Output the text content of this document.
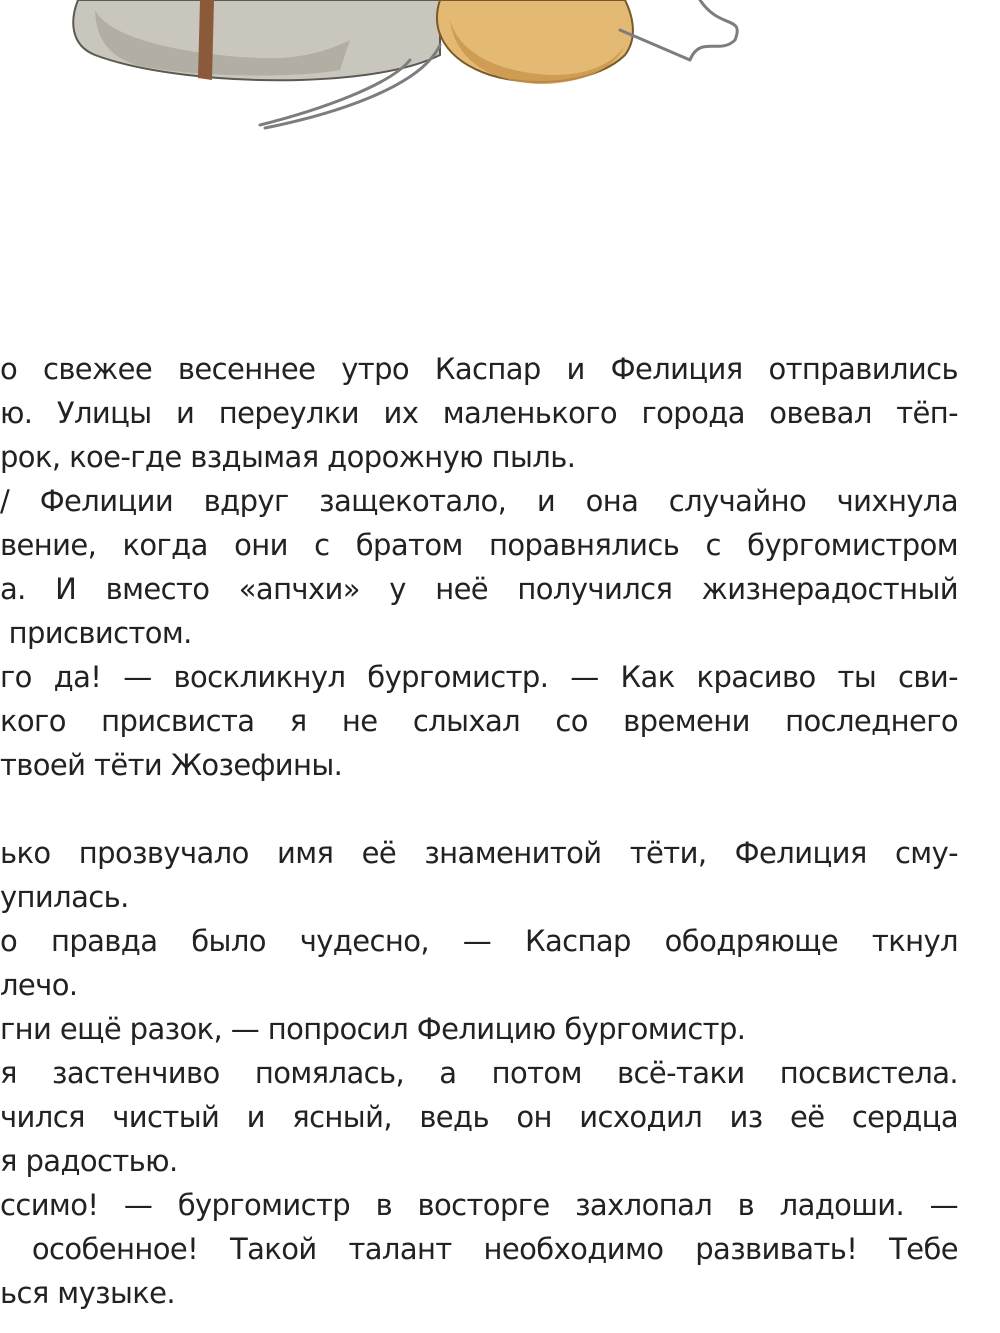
о свежее весеннее утро Каспар и Фелиция отправились
ю. Улицы и переулки их маленького города овевал тёп-
рок, кое-где вздымая дорожную пыль.
/ Фелиции вдруг защекотало, и она случайно чихнула
вение, когда они с братом поравнялись с бургомистром
а. И вместо «апчхи» у неё получился жизнерадостный
присвистом.
го да! — воскликнул бургомистр. — Как красиво ты сви-
кого присвиста я не слыхал со времени последнего
твоей тёти Жозефины.
ько прозвучало имя её знаменитой тёти, Фелиция сму-
упилась.
о правда было чудесно, — Каспар ободряюще ткнул
лечо.
гни ещё разок, — попросил Фелицию бургомистр.
я застенчиво помялась, а потом всё-таки посвистела.
чился чистый и ясный, ведь он исходил из её сердца
я радостью.
ссимо! — бургомистр в восторге захлопал в ладоши. —
особенное! Такой талант необходимо развивать! Тебе
ься музыке.
